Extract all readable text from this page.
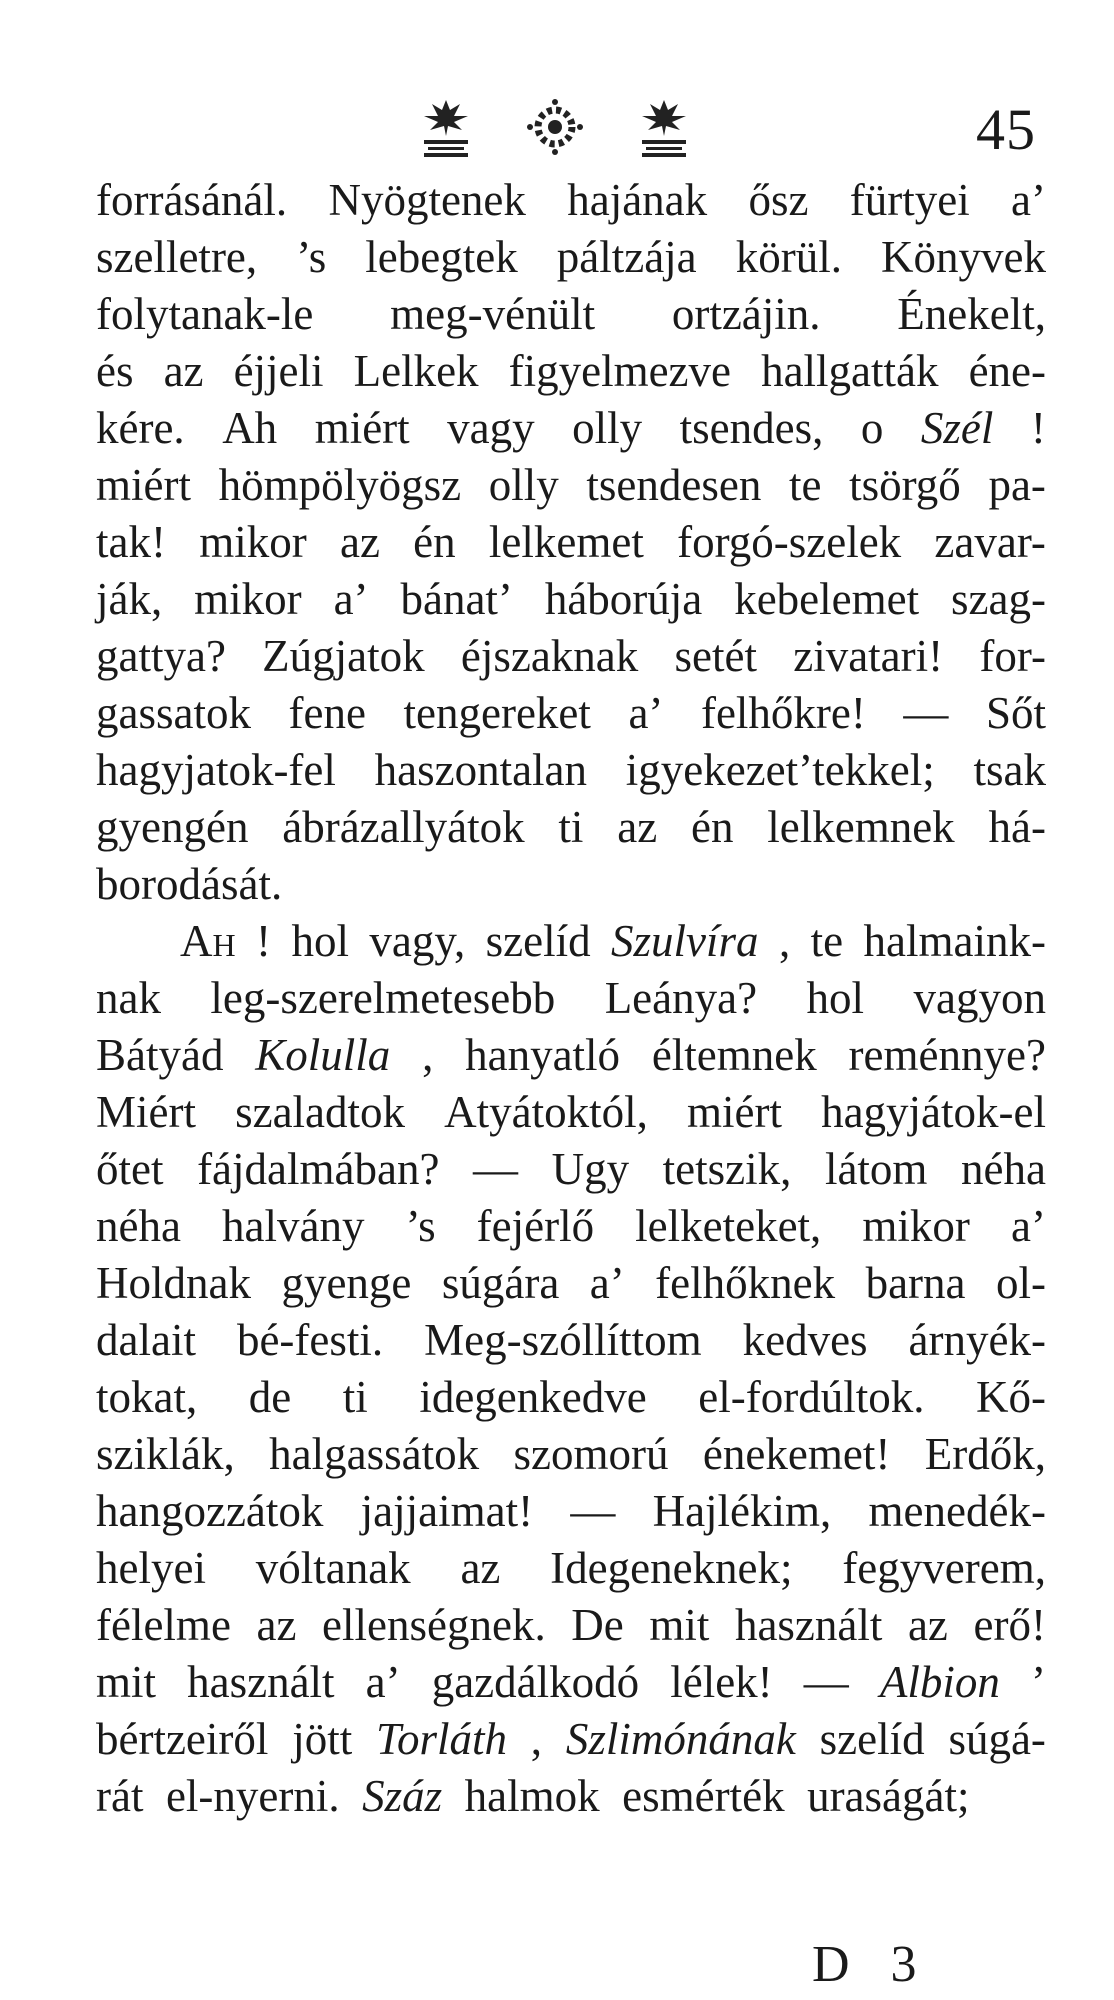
45
forrásánál. Nyögtenek hajának ősz fürtyei a’
szelletre, ’s lebegtek páltzája körül. Könyvek
folytanak-le meg-vénült ortzájin. Énekelt,
és az éjjeli Lelkek figyelmezve hallgatták éne-
kére. Ah miért vagy olly tsendes, o Szél !
miért hömpölyögsz olly tsendesen te tsörgő pa-
tak! mikor az én lelkemet forgó-szelek zavar-
ják, mikor a’ bánat’ háborúja kebelemet szag-
gattya? Zúgjatok éjszaknak setét zivatari! for-
gassatok fene tengereket a’ felhőkre! — Sőt
hagyjatok-fel haszontalan igyekezet’tekkel; tsak
gyengén ábrázallyátok ti az én lelkemnek há-
borodását.
Ah ! hol vagy, szelíd Szulvíra , te halmaink-
nak leg-szerelmetesebb Leánya? hol vagyon
Bátyád Kolulla , hanyatló éltemnek reménnye?
Miért szaladtok Atyátoktól, miért hagyjátok-el
őtet fájdalmában? — Ugy tetszik, látom néha
néha halvány ’s fejérlő lelketeket, mikor a’
Holdnak gyenge súgára a’ felhőknek barna ol-
dalait bé-festi. Meg-szóllíttom kedves árnyék-
tokat, de ti idegenkedve el-fordúltok. Kő-
sziklák, halgassátok szomorú énekemet! Erdők,
hangozzátok jajjaimat! — Hajlékim, menedék-
helyei vóltanak az Idegeneknek; fegyverem,
félelme az ellenségnek. De mit használt az erő!
mit használt a’ gazdálkodó lélek! — Albion ’
bértzeiről jött Torláth , Szlimónának szelíd súgá-
rát  el-nyerni. Száz halmok  esmérték  uraságát;
D 3
